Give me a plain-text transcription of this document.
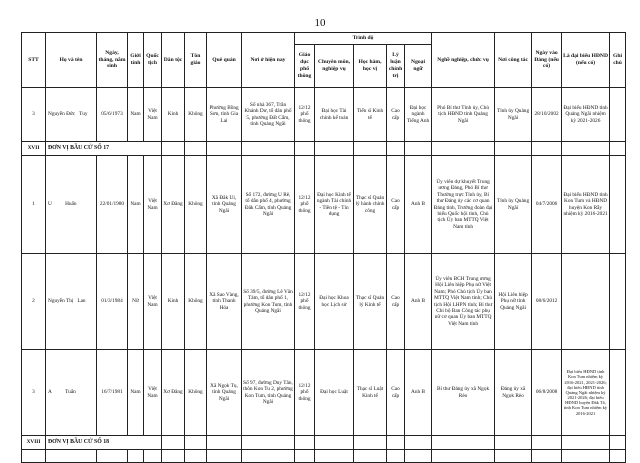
10
STT	Họ và tên	Ngày, tháng, năm sinh	Giới tính	Quốc tịch	Dân tộc	Tôn giáo	Quê quán	Nơi ở hiện nay	Trình độ					Nghề nghiệp, chức vụ	Nơi công tác	Ngày vào Đảng (nếu có)	Là đại biểu HĐND (nếu có)	Ghi chú
									Giáo dục phổ thông	Chuyên môn, nghiệp vụ	Học hàm, học vị	Lý luận chính trị	Ngoại ngữ					
3	Nguyễn Đức Tuy	05/6/1973	Nam	Việt Nam	Kinh	Không	Phường Bồng Sơn, tỉnh Gia Lai	Số nhà 367, Trần Khánh Dư, tổ dân phố 5, phường Đất Cẩm, tỉnh Quảng Ngãi	12/12 phổ thông	Đại học Tài chính kế toán	Tiến sĩ Kinh tế	Cao cấp	Đại học ngành Tiếng Anh	Phó Bí thư Tỉnh ủy, Chủ tịch HĐND tỉnh Quảng Ngãi	Tỉnh ủy Quảng Ngãi	28/10/2002	Đại biểu HĐND tỉnh Quảng Ngãi nhiệm kỳ 2021-2026	
XVII	ĐƠN VỊ BẦU CỬ SỐ 17																	
1	U Huấn	22/01/1980	Nam	Việt Nam	Xơ Đăng	Không	Xã Đăk Ui, tỉnh Quảng Ngãi	Số 172, đường U Rê, tổ dân phố 4, phường Đăk Cấm, tỉnh Quảng Ngãi	12/12 phổ thông	Đại học Kinh tế ngành Tài chính - Tiền tệ - Tín dụng	Thạc sĩ Quản lý hành chính công	Cao cấp	Anh B	Ủy viên dự khuyết Trung ương Đảng, Phó Bí thư Thường trực Tỉnh ủy, Bí thư Đảng ủy các cơ quan Đảng tỉnh, Trưởng đoàn đại biểu Quốc hội tỉnh, Chủ tịch Ủy ban MTTQ Việt Nam tỉnh	Tỉnh ủy Quảng Ngãi	04/7/2006	Đại biểu HĐND tỉnh Kon Tum và HĐND huyện Kon Rẫy nhiệm kỳ 2016-2021	
2	Nguyễn Thị Lan	01/3/1984	Nữ	Việt Nam	Kinh	Không	Xã Sao Vàng, tỉnh Thanh Hóa	Số 39/5, đường Lê Văn Tám, tổ dân phố 1, phường Kon Tum, tỉnh Quảng Ngãi	12/12 phổ thông	Đại học Khoa học Lịch sử	Thạc sĩ Quản lý Kinh tế	Cao cấp	Anh B	Ủy viên BCH Trung ương Hội Liên hiệp Phụ nữ Việt Nam; Phó Chủ tịch Ủy ban MTTQ Việt Nam tỉnh; Chủ tịch Hội LHPN tỉnh; Bí thư Chi bộ Ban Công tác phụ nữ cơ quan Ủy ban MTTQ Việt Nam tỉnh	Hội Liên hiệp Phụ nữ tỉnh Quảng Ngãi	08/6/2012		
3	A Tuấn	16/7/1981	Nam	Việt Nam	Xơ Đăng	Không	Xã Ngọk Tụ, tỉnh Quảng Ngãi	Số 97, đường Duy Tân, thôn Kon Tu 2, phường Kon Tum, tỉnh Quảng Ngãi	12/12 phổ thông	Đại học Luật	Thạc sĩ Luật Kinh tế	Cao cấp	Anh B	Bí thư Đảng ủy xã Ngọk Rèo	Đảng ủy xã Ngọk Rèo	06/8/2008	Đại biểu HĐND tỉnh Kon Tum nhiệm kỳ 2016-2021, 2021-2026; đại biểu HĐND tỉnh Quảng Ngãi nhiệm kỳ 2021-2026; đại biểu HĐND huyện Đăk Tô, tỉnh Kon Tum nhiệm kỳ 2016-2021	
XVIII	ĐƠN VỊ BẦU CỬ SỐ 18																	
